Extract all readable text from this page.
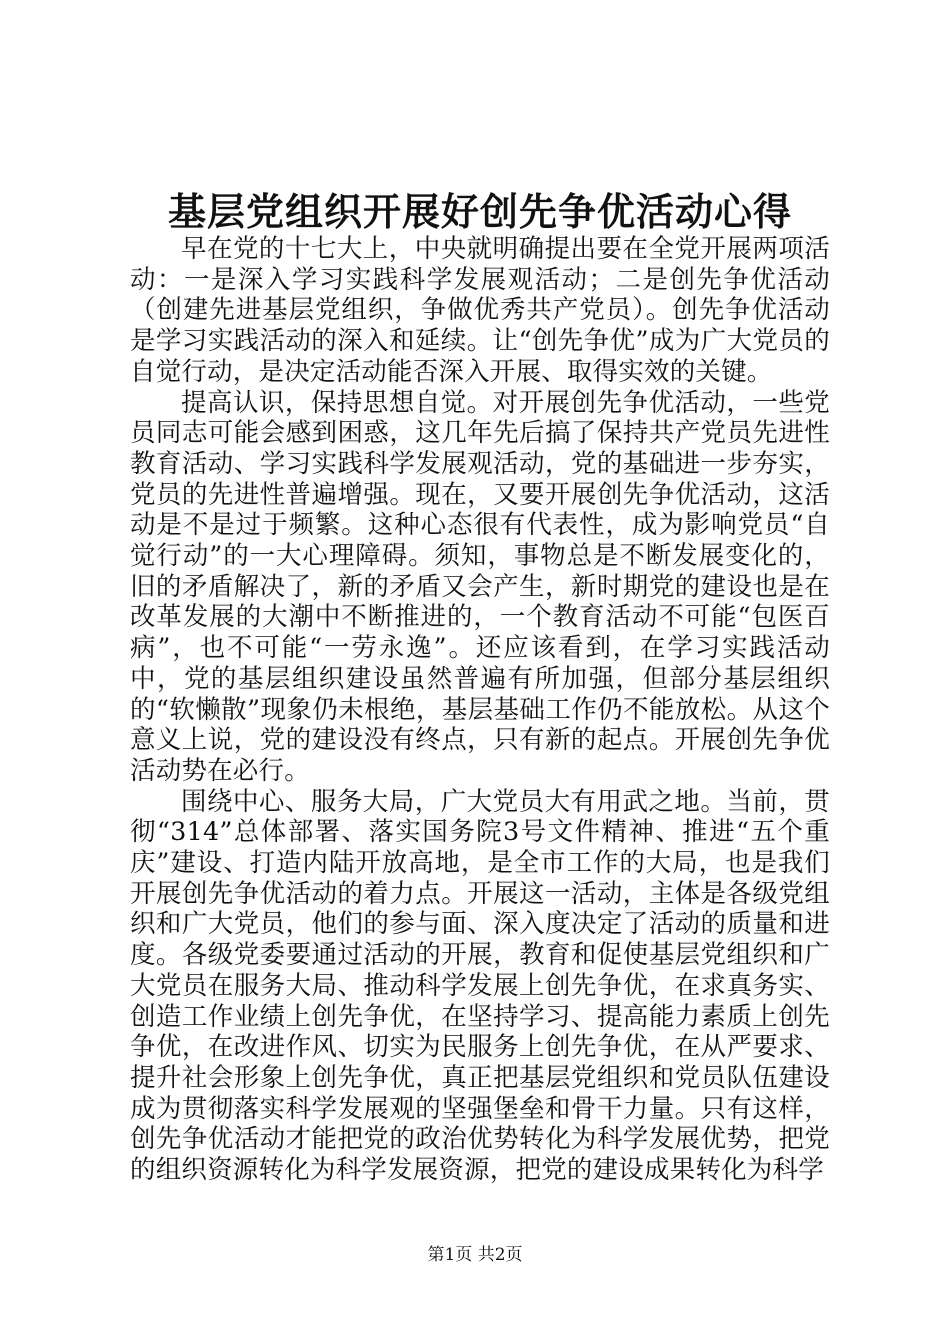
基层党组织开展好创先争优活动心得

早在党的十七大上，中央就明确提出要在全党开展两项活动：一是深入学习实践科学发展观活动；二是创先争优活动（创建先进基层党组织，争做优秀共产党员）。创先争优活动是学习实践活动的深入和延续。让“创先争优”成为广大党员的自觉行动，是决定活动能否深入开展、取得实效的关键。

提高认识，保持思想自觉。对开展创先争优活动，一些党员同志可能会感到困惑，这几年先后搞了保持共产党员先进性教育活动、学习实践科学发展观活动，党的基础进一步夯实，党员的先进性普遍增强。现在，又要开展创先争优活动，这活动是不是过于频繁。这种心态很有代表性，成为影响党员“自觉行动”的一大心理障碍。须知，事物总是不断发展变化的，旧的矛盾解决了，新的矛盾又会产生，新时期党的建设也是在改革发展的大潮中不断推进的，一个教育活动不可能“包医百病”，也不可能“一劳永逸”。还应该看到，在学习实践活动中，党的基层组织建设虽然普遍有所加强，但部分基层组织的“软懒散”现象仍未根绝，基层基础工作仍不能放松。从这个意义上说，党的建设没有终点，只有新的起点。开展创先争优活动势在必行。

围绕中心、服务大局，广大党员大有用武之地。当前，贯彻“314”总体部署、落实国务院3号文件精神、推进“五个重庆”建设、打造内陆开放高地，是全市工作的大局，也是我们开展创先争优活动的着力点。开展这一活动，主体是各级党组织和广大党员，他们的参与面、深入度决定了活动的质量和进度。各级党委要通过活动的开展，教育和促使基层党组织和广大党员在服务大局、推动科学发展上创先争优，在求真务实、创造工作业绩上创先争优，在坚持学习、提高能力素质上创先争优，在改进作风、切实为民服务上创先争优，在从严要求、提升社会形象上创先争优，真正把基层党组织和党员队伍建设成为贯彻落实科学发展观的坚强堡垒和骨干力量。只有这样，创先争优活动才能把党的政治优势转化为科学发展优势，把党的组织资源转化为科学发展资源，把党的建设成果转化为科学

第1页 共2页
